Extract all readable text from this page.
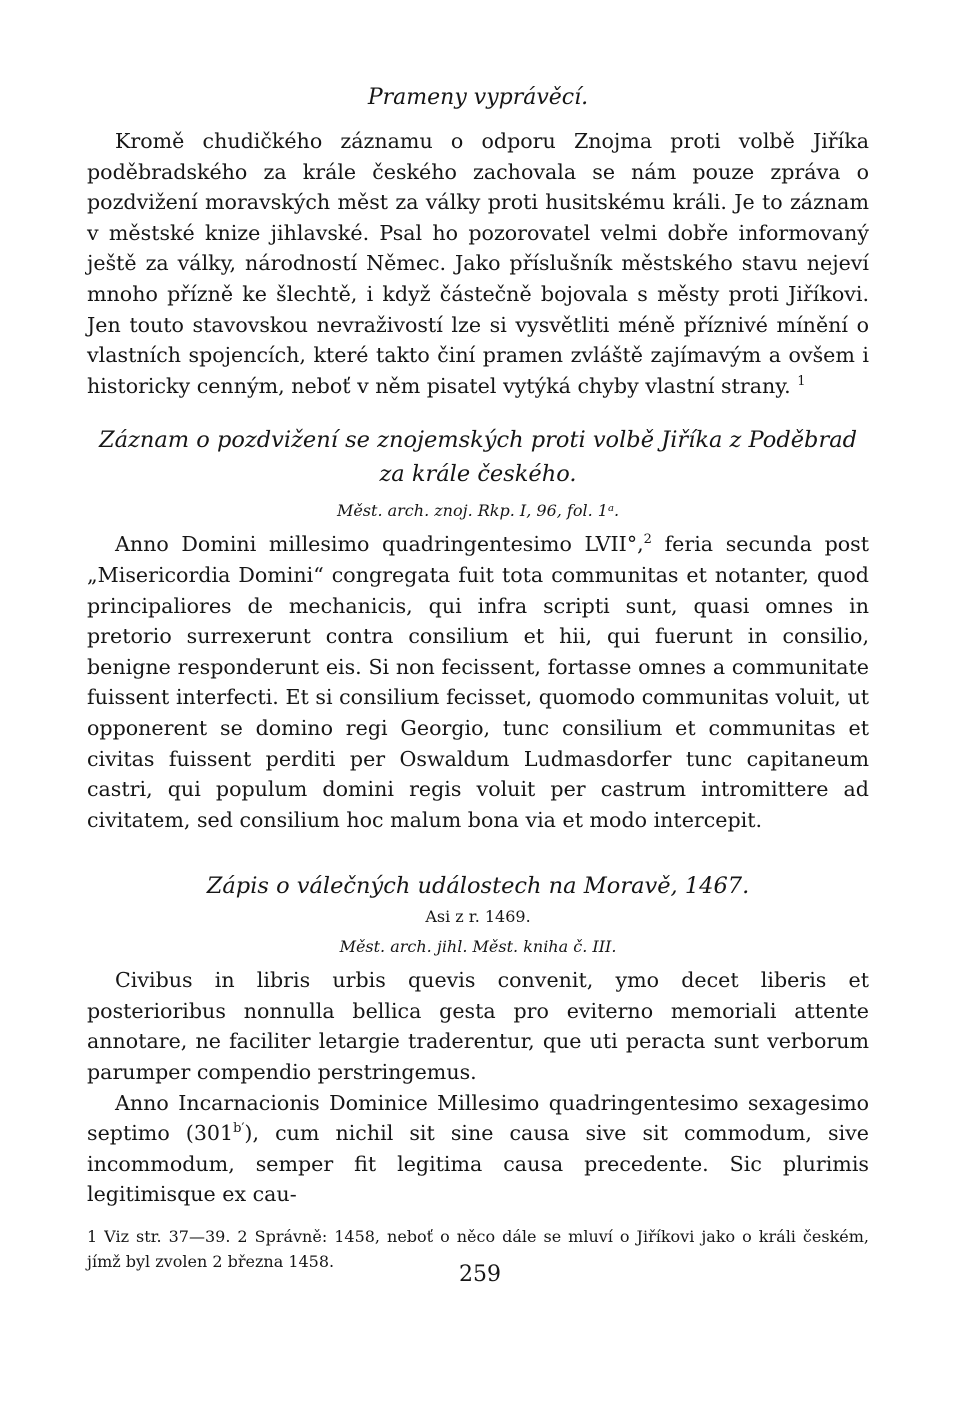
Prameny vyprávěcí.

Kromě chudičkého záznamu o odporu Znojma proti volbě Jiříka poděbradského za krále českého zachovala se nám pouze zpráva o pozdvižení moravských měst za války proti husitskému králi. Je to záznam v městské knize jihlavské. Psal ho pozorovatel velmi dobře informovaný ještě za války, národností Němec. Jako příslušník městského stavu nejeví mnoho přízně ke šlechtě, i když částečně bojovala s městy proti Jiříkovi. Jen touto stavovskou nevraživostí lze si vysvětliti méně příznivé mínění o vlastních spojencích, které takto činí pramen zvláště zajímavým a ovšem i historicky cenným, neboť v něm pisatel vytýká chyby vlastní strany. $^1$

Záznam o pozdvižení se znojemských proti volbě Jiříka z Poděbrad za krále českého.
Měst. arch. znoj. Rkp. I, 96, fol. 1ᵃ.

Anno Domini millesimo quadringentesimo LVII°,$^2$ feria secunda post „Misericordia Domini“ congregata fuit tota communitas et notanter, quod principaliores de mechanicis, qui infra scripti sunt, quasi omnes in pretorio surrexerunt contra consilium et hii, qui fuerunt in consilio, benigne responderunt eis. Si non fecissent, fortasse omnes a communitate fuissent interfecti. Et si consilium fecisset, quomodo communitas voluit, ut opponerent se domino regi Georgio, tunc consilium et communitas et civitas fuissent perditi per Oswaldum Ludmasdorfer tunc capitaneum castri, qui populum domini regis voluit per castrum intromittere ad civitatem, sed consilium hoc malum bona via et modo intercepit.

Zápis o válečných událostech na Moravě, 1467.
Asi z r. 1469.
Měst. arch. jihl. Měst. kniha č. III.

Civibus in libris urbis quevis convenit, ymo decet liberis et posterioribus nonnulla bellica gesta pro eviterno memoriali attente annotare, ne faciliter letargie traderentur, que uti peracta sunt verborum parumper compendio perstringemus.

Anno Incarnacionis Dominice Millesimo quadringentesimo sexagesimo septimo $(301^{b'})$, cum nichil sit sine causa sive sit commodum, sive incommodum, semper fit legitima causa precedente. Sic plurimis legitimisque ex cau-

1 Viz str. 37—39. 2 Správně: 1458, neboť o něco dále se mluví o Jiříkovi jako o králi českém, jímž byl zvolen 2 března 1458.
259
